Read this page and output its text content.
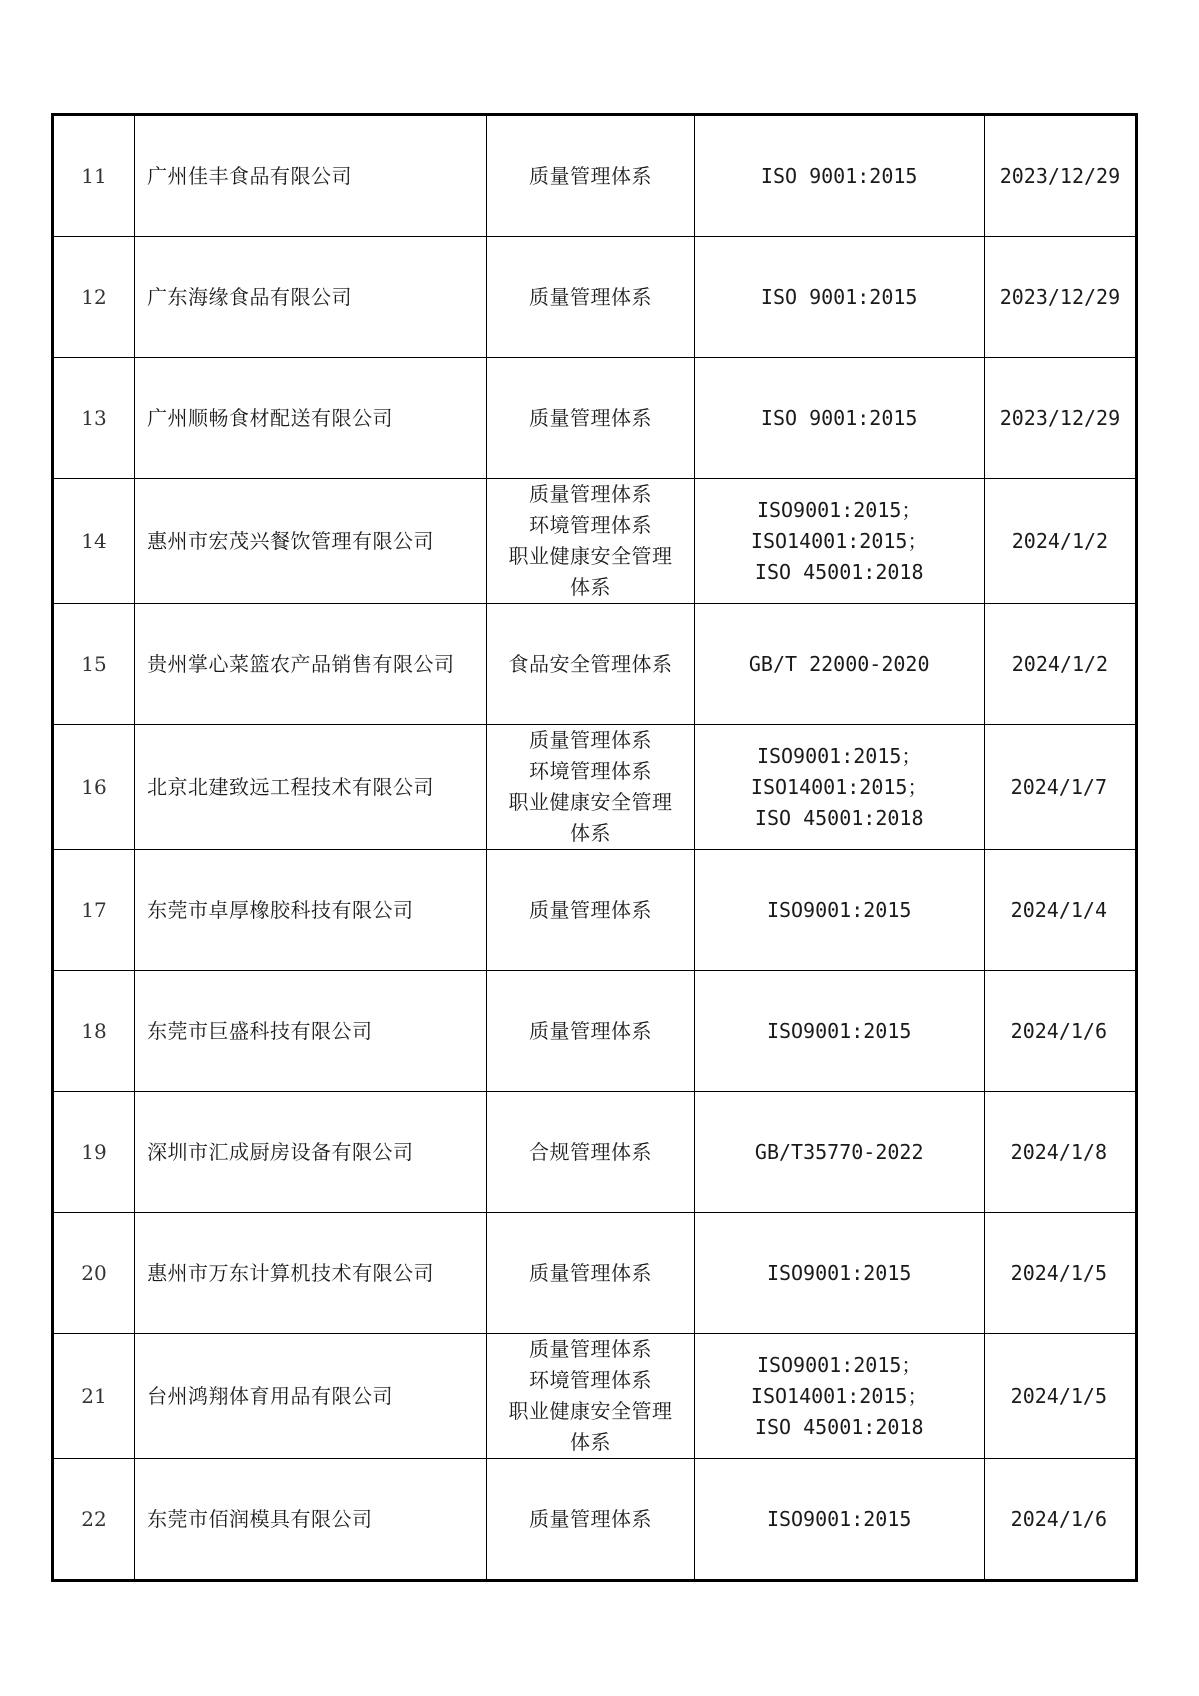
11	广州佳丰食品有限公司	质量管理体系	ISO 9001:2015	2023/12/29
12	广东海缘食品有限公司	质量管理体系	ISO 9001:2015	2023/12/29
13	广州顺畅食材配送有限公司	质量管理体系	ISO 9001:2015	2023/12/29
14	惠州市宏茂兴餐饮管理有限公司	质量管理体系
环境管理体系
职业健康安全管理体系	ISO9001:2015；
ISO14001:2015；
ISO 45001:2018	2024/1/2
15	贵州掌心菜篮农产品销售有限公司	食品安全管理体系	GB/T 22000-2020	2024/1/2
16	北京北建致远工程技术有限公司	质量管理体系
环境管理体系
职业健康安全管理体系	ISO9001:2015；
ISO14001:2015；
ISO 45001:2018	2024/1/7
17	东莞市卓厚橡胶科技有限公司	质量管理体系	ISO9001:2015	2024/1/4
18	东莞市巨盛科技有限公司	质量管理体系	ISO9001:2015	2024/1/6
19	深圳市汇成厨房设备有限公司	合规管理体系	GB/T35770-2022	2024/1/8
20	惠州市万东计算机技术有限公司	质量管理体系	ISO9001:2015	2024/1/5
21	台州鸿翔体育用品有限公司	质量管理体系
环境管理体系
职业健康安全管理体系	ISO9001:2015；
ISO14001:2015；
ISO 45001:2018	2024/1/5
22	东莞市佰润模具有限公司	质量管理体系	ISO9001:2015	2024/1/6
